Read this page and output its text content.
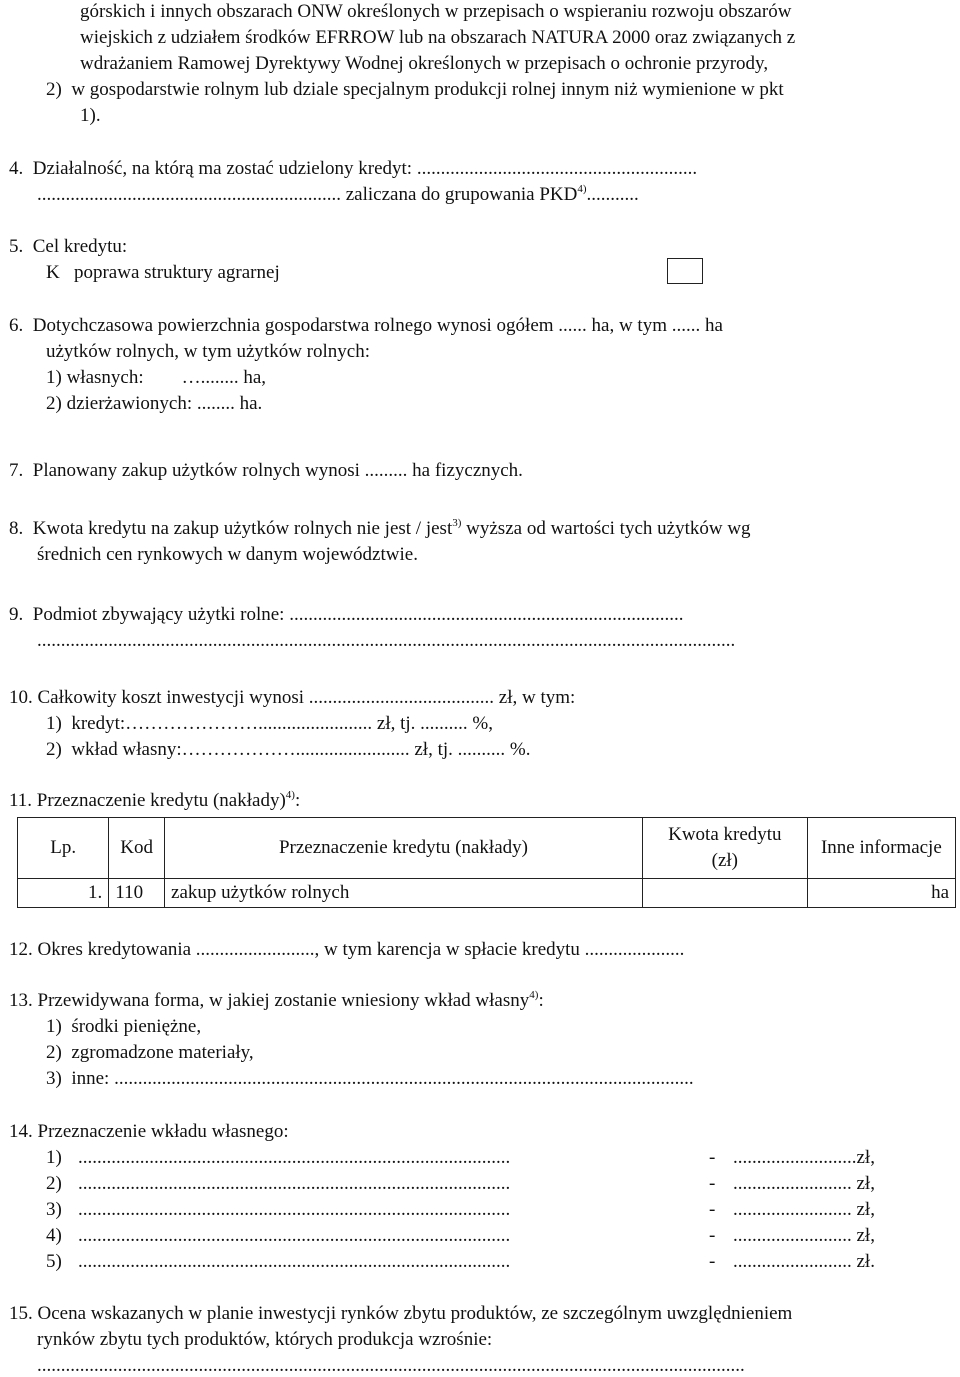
górskich i innych obszarach ONW określonych w przepisach o wspieraniu rozwoju obszarów
wiejskich z udziałem środków EFRROW lub na obszarach NATURA 2000 oraz związanych z
wdrażaniem Ramowej Dyrektywy Wodnej określonych w przepisach o ochronie przyrody,
2)  w gospodarstwie rolnym lub dziale specjalnym produkcji rolnej innym niż wymienione w pkt
1).
4.  Działalność, na którą ma zostać udzielony kredyt: ...........................................................
................................................................ zaliczana do grupowania PKD$^{4)}$...........
5.  Cel kredytu:
K   poprawa struktury agrarnej
6.  Dotychczasowa powierzchnia gospodarstwa rolnego wynosi ogółem ...... ha, w tym ...... ha
użytków rolnych, w tym użytków rolnych:
1) własnych:        …........ ha,
2) dzierżawionych: ........ ha.
7.  Planowany zakup użytków rolnych wynosi ......... ha fizycznych.
8.  Kwota kredytu na zakup użytków rolnych nie jest / jest$^{3)}$ wyższa od wartości tych użytków wg
średnich cen rynkowych w danym województwie.
9.  Podmiot zbywający użytki rolne: ...................................................................................
...................................................................................................................................................
10. Całkowity koszt inwestycji wynosi ....................................... zł, w tym:
1)  kredyt:…………………........................ zł, tj. .......... %,
2)  wkład własny:………………........................ zł, tj. .......... %.
11. Przeznaczenie kredytu (nakłady)$^{4)}$:
Lp.	Kod	Przeznaczenie kredytu (nakłady)	Kwota kredytu (zł)	Inne informacje
1.	110	zakup użytków rolnych		ha
12. Okres kredytowania ........................., w tym karencja w spłacie kredytu .....................
13. Przewidywana forma, w jakiej zostanie wniesiony wkład własny$^{4)}$:
1)  środki pieniężne,
2)  zgromadzone materiały,
3)  inne: ..........................................................................................................................
14. Przeznaczenie wkładu własnego:
1) ...........................................................................................	- ..........................zł,
2) ...........................................................................................	- ......................... zł,
3) ...........................................................................................	- ......................... zł,
4) ...........................................................................................	- ......................... zł,
5) ...........................................................................................	- ......................... zł.
15. Ocena wskazanych w planie inwestycji rynków zbytu produktów, ze szczególnym uwzględnieniem
rynków zbytu tych produktów, których produkcja wzrośnie:
.....................................................................................................................................................
